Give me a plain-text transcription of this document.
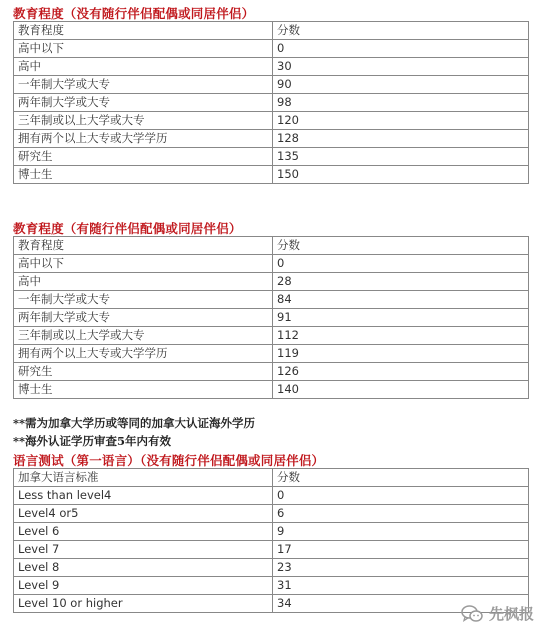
教育程度（没有随行伴侣配偶或同居伴侣）
教育程度	分数
高中以下	0
高中	30
一年制大学或大专	90
两年制大学或大专	98
三年制或以上大学或大专	120
拥有两个以上大专或大学学历	128
研究生	135
博士生	150
教育程度（有随行伴侣配偶或同居伴侣）
教育程度	分数
高中以下	0
高中	28
一年制大学或大专	84
两年制大学或大专	91
三年制或以上大学或大专	112
拥有两个以上大专或大学学历	119
研究生	126
博士生	140
**需为加拿大学历或等同的加拿大认证海外学历
**海外认证学历审查5年内有效
语言测试（第一语言）（没有随行伴侣配偶或同居伴侣）
加拿大语言标准	分数
Less than level4	0
Level4 or5	6
Level 6	9
Level 7	17
Level 8	23
Level 9	31
Level 10 or higher	34
先枫报
